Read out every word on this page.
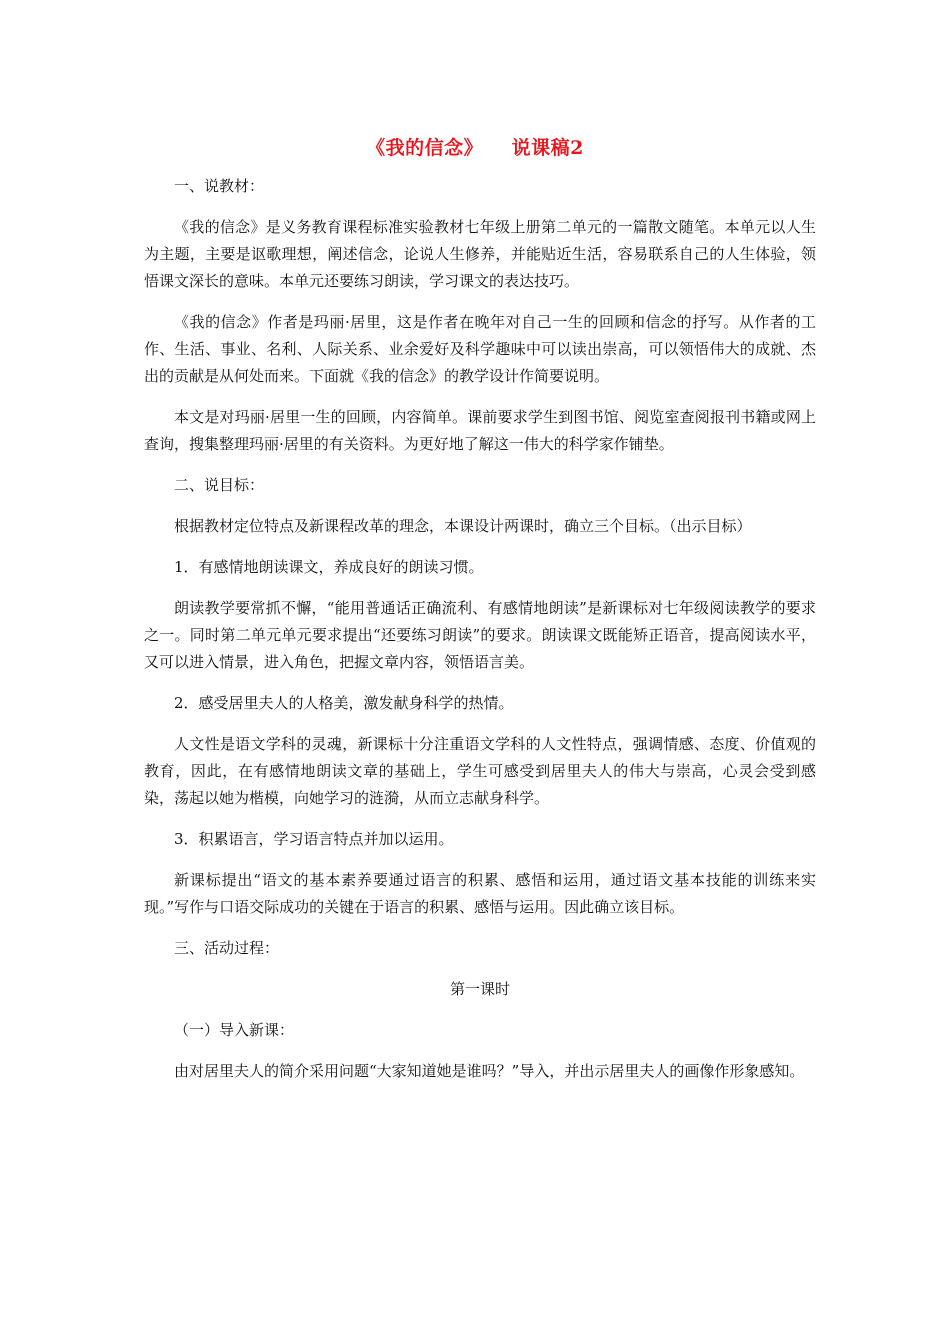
《我的信念》    说课稿2

一、说教材：

《我的信念》是义务教育课程标准实验教材七年级上册第二单元的一篇散文随笔。本单元以人生为主题，主要是讴歌理想，阐述信念，论说人生修养，并能贴近生活，容易联系自己的人生体验，领悟课文深长的意味。本单元还要练习朗读，学习课文的表达技巧。

《我的信念》作者是玛丽·居里，这是作者在晚年对自己一生的回顾和信念的抒写。从作者的工作、生活、事业、名利、人际关系、业余爱好及科学趣味中可以读出崇高，可以领悟伟大的成就、杰出的贡献是从何处而来。下面就《我的信念》的教学设计作简要说明。

本文是对玛丽·居里一生的回顾，内容简单。课前要求学生到图书馆、阅览室查阅报刊书籍或网上查询，搜集整理玛丽·居里的有关资料。为更好地了解这一伟大的科学家作铺垫。

二、说目标：

根据教材定位特点及新课程改革的理念，本课设计两课时，确立三个目标。（出示目标）

1．有感情地朗读课文，养成良好的朗读习惯。

朗读教学要常抓不懈，“能用普通话正确流利、有感情地朗读”是新课标对七年级阅读教学的要求之一。同时第二单元单元要求提出“还要练习朗读”的要求。朗读课文既能矫正语音，提高阅读水平，又可以进入情景，进入角色，把握文章内容，领悟语言美。

2．感受居里夫人的人格美，激发献身科学的热情。

人文性是语文学科的灵魂，新课标十分注重语文学科的人文性特点，强调情感、态度、价值观的教育，因此，在有感情地朗读文章的基础上，学生可感受到居里夫人的伟大与崇高，心灵会受到感染，荡起以她为楷模，向她学习的涟漪，从而立志献身科学。

3．积累语言，学习语言特点并加以运用。

新课标提出“语文的基本素养要通过语言的积累、感悟和运用，通过语文基本技能的训练来实现。”写作与口语交际成功的关键在于语言的积累、感悟与运用。因此确立该目标。

三、活动过程：

第一课时

（一）导入新课：

由对居里夫人的简介采用问题“大家知道她是谁吗？”导入，并出示居里夫人的画像作形象感知。
